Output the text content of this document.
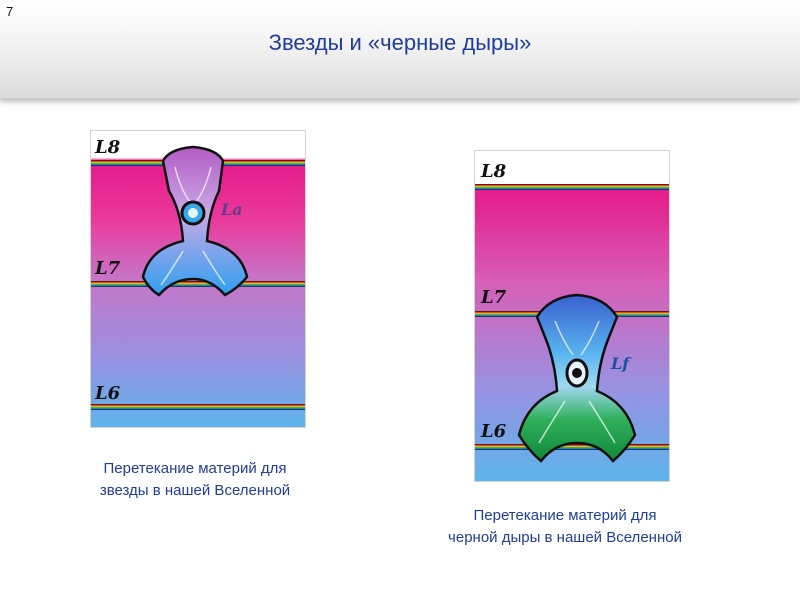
7
Звезды и «черные дыры»
L8
L7
L6
La
L8
L7
L6
Lf
Перетекание материй для
звезды в нашей Вселенной
Перетекание материй для
черной дыры в нашей Вселенной
